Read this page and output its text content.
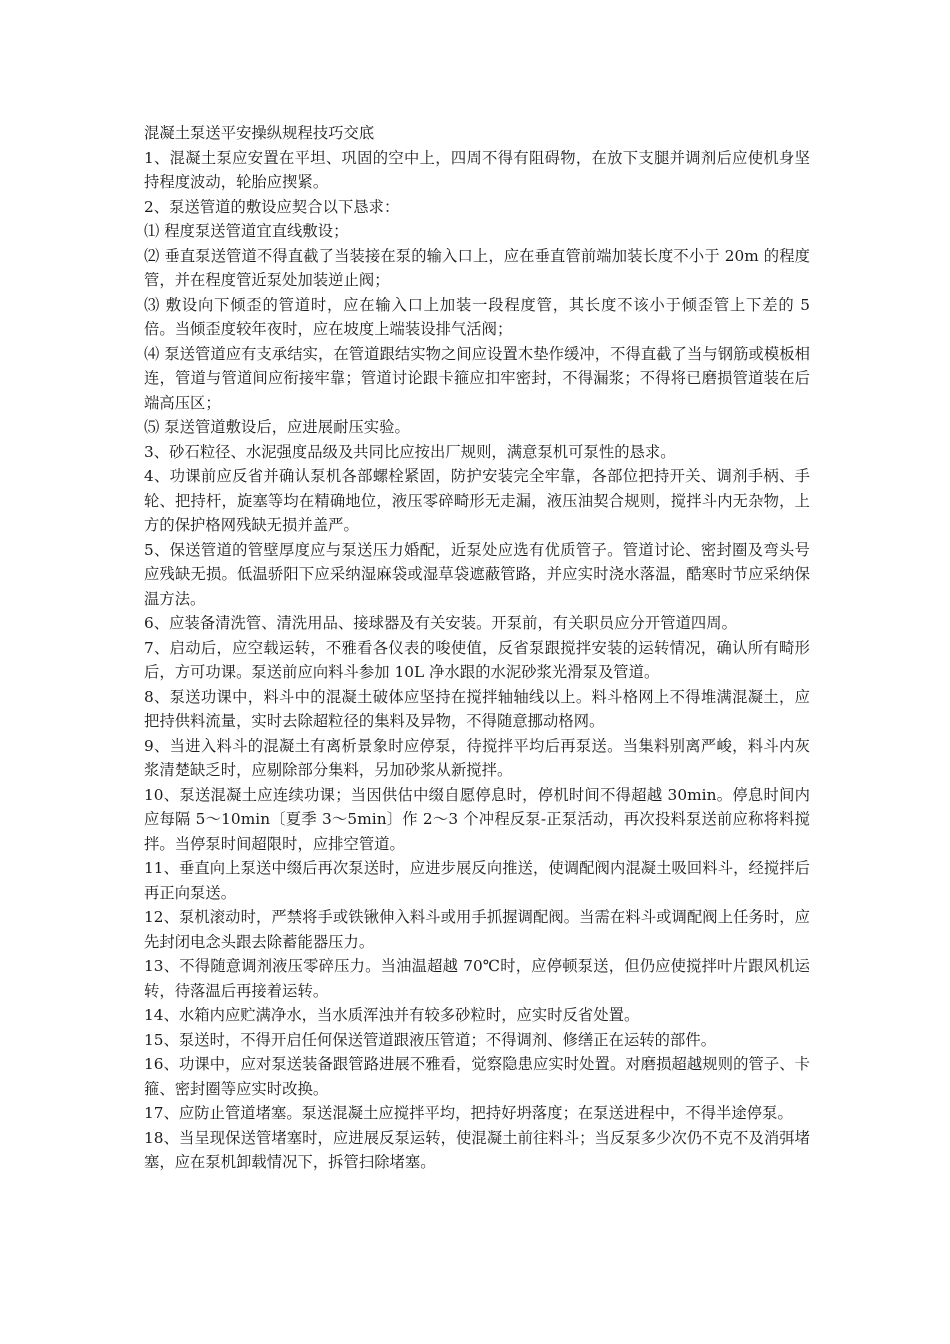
混凝土泵送平安操纵规程技巧交底

1、混凝土泵应安置在平坦、巩固的空中上，四周不得有阻碍物，在放下支腿并调剂后应使机身坚持程度波动，轮胎应揳紧。

2、泵送管道的敷设应契合以下恳求：

⑴ 程度泵送管道宜直线敷设；

⑵ 垂直泵送管道不得直截了当装接在泵的输入口上，应在垂直管前端加装长度不小于 20m 的程度管，并在程度管近泵处加装逆止阀；

⑶ 敷设向下倾歪的管道时，应在输入口上加装一段程度管，其长度不该小于倾歪管上下差的 5 倍。当倾歪度较年夜时，应在坡度上端装设排气活阀；

⑷ 泵送管道应有支承结实，在管道跟结实物之间应设置木垫作缓冲，不得直截了当与钢筋或模板相连，管道与管道间应衔接牢靠；管道讨论跟卡箍应扣牢密封，不得漏浆；不得将已磨损管道装在后端高压区；

⑸ 泵送管道敷设后，应进展耐压实验。

3、砂石粒径、水泥强度品级及共同比应按出厂规则，满意泵机可泵性的恳求。

4、功课前应反省并确认泵机各部螺栓紧固，防护安装完全牢靠，各部位把持开关、调剂手柄、手轮、把持杆，旋塞等均在精确地位，液压零碎畸形无走漏，液压油契合规则，搅拌斗内无杂物，上方的保护格网残缺无损并盖严。

5、保送管道的管壁厚度应与泵送压力婚配，近泵处应选有优质管子。管道讨论、密封圈及弯头号应残缺无损。低温骄阳下应采纳湿麻袋或湿草袋遮蔽管路，并应实时浇水落温，酷寒时节应采纳保温方法。

6、应装备清洗管、清洗用品、接球器及有关安装。开泵前，有关职员应分开管道四周。

7、启动后，应空载运转，不雅看各仪表的唆使值，反省泵跟搅拌安装的运转情况，确认所有畸形后，方可功课。泵送前应向料斗参加 10L 净水跟的水泥砂浆光滑泵及管道。

8、泵送功课中，料斗中的混凝土破体应坚持在搅拌轴轴线以上。料斗格网上不得堆满混凝土，应把持供料流量，实时去除超粒径的集料及异物，不得随意挪动格网。

9、当进入料斗的混凝土有离析景象时应停泵，待搅拌平均后再泵送。当集料别离严峻，料斗内灰浆清楚缺乏时，应剔除部分集料，另加砂浆从新搅拌。

10、泵送混凝土应连续功课；当因供估中缀自愿停息时，停机时间不得超越 30min。停息时间内应每隔 5～10min〔夏季 3～5min〕作 2～3 个冲程反泵-正泵活动，再次投料泵送前应称将料搅拌。当停泵时间超限时，应排空管道。

11、垂直向上泵送中缀后再次泵送时，应进步展反向推送，使调配阀内混凝土吸回料斗，经搅拌后再正向泵送。

12、泵机滚动时，严禁将手或铁锹伸入料斗或用手抓握调配阀。当需在料斗或调配阀上任务时，应先封闭电念头跟去除蓄能器压力。

13、不得随意调剂液压零碎压力。当油温超越 70℃时，应停顿泵送，但仍应使搅拌叶片跟风机运转，待落温后再接着运转。

14、水箱内应贮满净水，当水质浑浊并有较多砂粒时，应实时反省处置。

15、泵送时，不得开启任何保送管道跟液压管道；不得调剂、修缮正在运转的部件。

16、功课中，应对泵送装备跟管路进展不雅看，觉察隐患应实时处置。对磨损超越规则的管子、卡箍、密封圈等应实时改换。

17、应防止管道堵塞。泵送混凝土应搅拌平均，把持好坍落度；在泵送进程中，不得半途停泵。

18、当呈现保送管堵塞时，应进展反泵运转，使混凝土前往料斗；当反泵多少次仍不克不及消弭堵塞，应在泵机卸载情况下，拆管扫除堵塞。
